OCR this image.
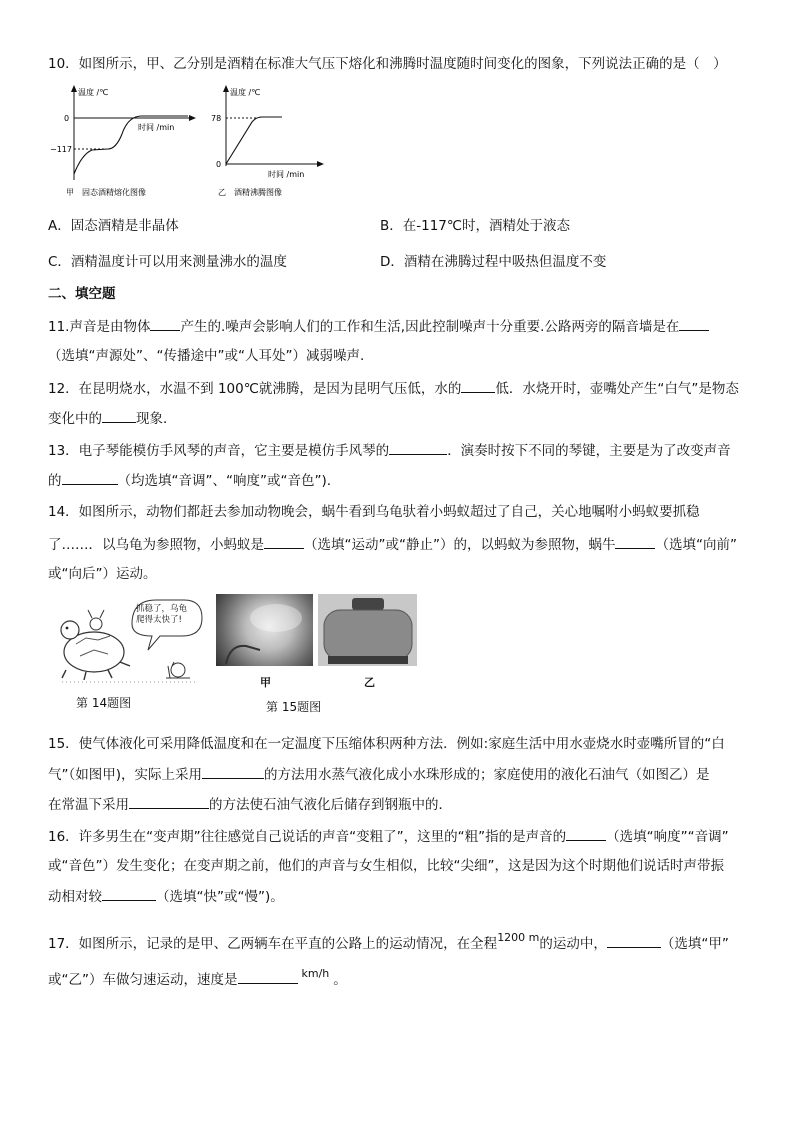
10．如图所示，甲、乙分别是酒精在标准大气压下熔化和沸腾时温度随时间变化的图象，下列说法正确的是（　）
温度 /℃
时间 /min
0
−117
甲　固态酒精熔化图像
温度 /℃
时间 /min
78
0
乙　酒精沸腾图像
A．固态酒精是非晶体	B．在-117℃时，酒精处于液态
C．酒精温度计可以用来测量沸水的温度	D．酒精在沸腾过程中吸热但温度不变
二、填空题
11.声音是由物体 产生的.噪声会影响人们的工作和生活,因此控制噪声十分重要.公路两旁的隔音墙是在
（选填“声源处”、“传播途中”或“人耳处”）减弱噪声.
12．在昆明烧水，水温不到 100℃就沸腾，是因为昆明气压低，水的	低．水烧开时，壶嘴处产生“白气”是物态
变化中的	现象．
13．电子琴能模仿手风琴的声音，它主要是模仿手风琴的	．演奏时按下不同的琴键，主要是为了改变声音
的	（均选填“音调”、“响度”或“音色”).
14．如图所示，动物们都赶去参加动物晚会，蜗牛看到乌龟驮着小蚂蚁超过了自己，关心地嘱咐小蚂蚁要抓稳
了……．以乌龟为参照物，小蚂蚁是	（选填“运动”或“静止”）的，以蚂蚁为参照物，蜗牛	（选填“向前”
或“向后”）运动。
抓稳了，乌龟爬得太快了!
第 14题图
甲	乙
第 15题图
15．使气体液化可采用降低温度和在一定温度下压缩体积两种方法．例如:家庭生活中用水壶烧水时壶嘴所冒的“白
气”（如图甲)，实际上采用	的方法用水蒸气液化成小水珠形成的；家庭使用的液化石油气（如图乙）是
在常温下采用	的方法使石油气液化后储存到钢瓶中的．
16．许多男生在“变声期”往往感觉自己说话的声音“变粗了”，这里的“粗”指的是声音的	（选填“响度”“音调”
或“音色”）发生变化；在变声期之前，他们的声音与女生相似，比较“尖细”，这是因为这个时期他们说话时声带振
动相对较	（选填“快”或“慢”)。
17．如图所示，记录的是甲、乙两辆车在平直的公路上的运动情况，在全程$^{1200 m}$的运动中，	（选填“甲”
或“乙”）车做匀速运动，速度是	$^{km/h}$ 。
